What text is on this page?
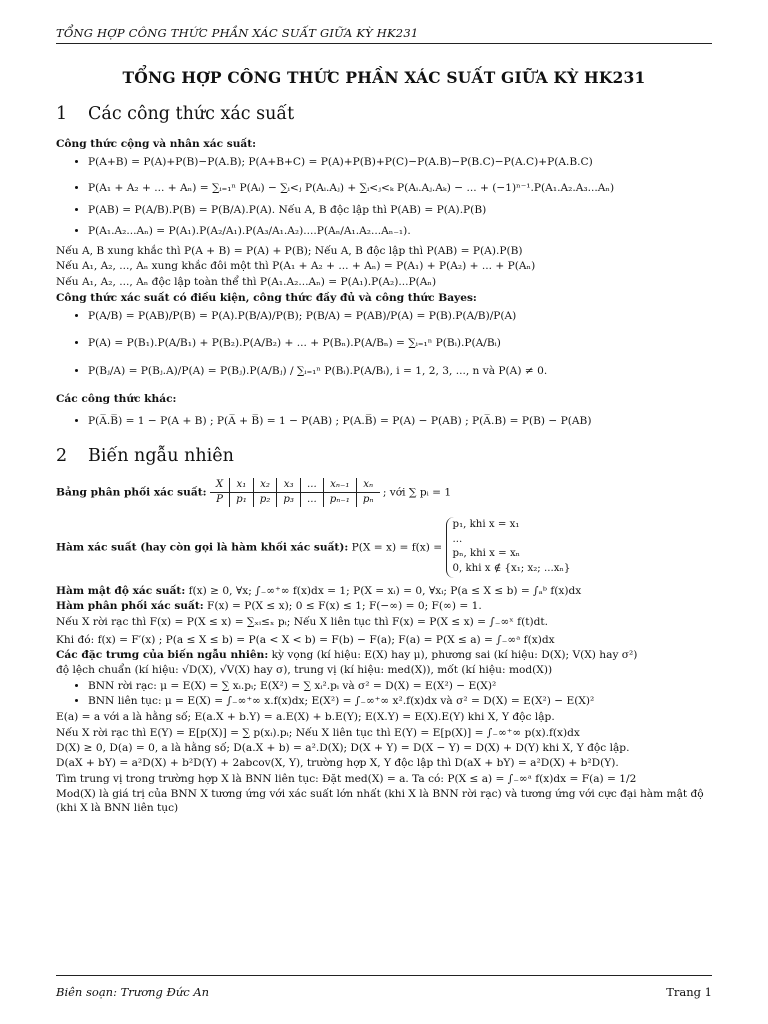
TỔNG HỢP CÔNG THỨC PHẦN XÁC SUẤT GIỮA KỲ HK231
TỔNG HỢP CÔNG THỨC PHẦN XÁC SUẤT GIỮA KỲ HK231
1 Các công thức xác suất
Công thức cộng và nhân xác suất:
• P(A+B) = P(A)+P(B)−P(A.B); P(A+B+C) = P(A)+P(B)+P(C)−P(A.B)−P(B.C)−P(A.C)+P(A.B.C)
• P(A₁ + A₂ + ... + Aₙ) = ∑ᵢ₌₁ⁿ P(Aᵢ) − ∑ᵢ<ⱼ P(Aᵢ.Aⱼ) + ∑ᵢ<ⱼ<ₖ P(Aᵢ.Aⱼ.Aₖ) − ... + (−1)ⁿ⁻¹.P(A₁.A₂.A₃...Aₙ)
• P(AB) = P(A/B).P(B) = P(B/A).P(A). Nếu A, B độc lập thì P(AB) = P(A).P(B)
• P(A₁.A₂...Aₙ) = P(A₁).P(A₂/A₁).P(A₃/A₁.A₂)....P(Aₙ/A₁.A₂...Aₙ₋₁).
Nếu A, B xung khắc thì P(A + B) = P(A) + P(B); Nếu A, B độc lập thì P(AB) = P(A).P(B)
Nếu A₁, A₂, ..., Aₙ xung khắc đôi một thì P(A₁ + A₂ + ... + Aₙ) = P(A₁) + P(A₂) + ... + P(Aₙ)
Nếu A₁, A₂, ..., Aₙ độc lập toàn thể thì P(A₁.A₂...Aₙ) = P(A₁).P(A₂)...P(Aₙ)
Công thức xác suất có điều kiện, công thức đầy đủ và công thức Bayes:
• P(A/B) = P(AB)/P(B) = P(A).P(B/A)/P(B); P(B/A) = P(AB)/P(A) = P(B).P(A/B)/P(A)
• P(A) = P(B₁).P(A/B₁) + P(B₂).P(A/B₂) + ... + P(Bₙ).P(A/Bₙ) = ∑ᵢ₌₁ⁿ P(Bᵢ).P(A/Bᵢ)
• P(Bⱼ/A) = P(Bⱼ.A)/P(A) = P(Bⱼ).P(A/Bⱼ) / ∑ᵢ₌₁ⁿ P(Bᵢ).P(A/Bᵢ), i = 1, 2, 3, ..., n và P(A) ≠ 0.
Các công thức khác:
• P(A̅.B̅) = 1 − P(A + B) ; P(A̅ + B̅) = 1 − P(AB) ; P(A.B̅) = P(A) − P(AB) ; P(A̅.B) = P(B) − P(AB)
2 Biến ngẫu nhiên
Bảng phân phối xác suất: X	x₁	x₂	x₃	...	xₙ₋₁	xₙ
P	p₁	p₂	p₃	...	pₙ₋₁	pₙ ; với ∑ pᵢ = 1
Hàm xác suất (hay còn gọi là hàm khối xác suất): P(X = x) = f(x) =
p₁, khi x = x₁
...
pₙ, khi x = xₙ
0, khi x ∉ {x₁; x₂; ...xₙ}
Hàm mật độ xác suất: f(x) ≥ 0, ∀x; ∫₋∞⁺∞ f(x)dx = 1; P(X = xᵢ) = 0, ∀xᵢ; P(a ≤ X ≤ b) = ∫ₐᵇ f(x)dx
Hàm phân phối xác suất: F(x) = P(X ≤ x); 0 ≤ F(x) ≤ 1; F(−∞) = 0; F(∞) = 1.
Nếu X rời rạc thì F(x) = P(X ≤ x) = ∑ₓᵢ≤ₓ pᵢ; Nếu X liên tục thì F(x) = P(X ≤ x) = ∫₋∞ˣ f(t)dt.
Khi đó: f(x) = F′(x) ; P(a ≤ X ≤ b) = P(a < X < b) = F(b) − F(a); F(a) = P(X ≤ a) = ∫₋∞ᵃ f(x)dx
Các đặc trưng của biến ngẫu nhiên: kỳ vọng (kí hiệu: E(X) hay μ), phương sai (kí hiệu: D(X); V(X) hay σ²)
độ lệch chuẩn (kí hiệu: √D(X), √V(X) hay σ), trung vị (kí hiệu: med(X)), mốt (kí hiệu: mod(X))
• BNN rời rạc: μ = E(X) = ∑ xᵢ.pᵢ; E(X²) = ∑ xᵢ².pᵢ và σ² = D(X) = E(X²) − E(X)²
• BNN liên tục: μ = E(X) = ∫₋∞⁺∞ x.f(x)dx; E(X²) = ∫₋∞⁺∞ x².f(x)dx và σ² = D(X) = E(X²) − E(X)²
E(a) = a với a là hằng số; E(a.X + b.Y) = a.E(X) + b.E(Y); E(X.Y) = E(X).E(Y) khi X, Y độc lập.
Nếu X rời rạc thì E(Y) = E[p(X)] = ∑ p(xᵢ).pᵢ; Nếu X liên tục thì E(Y) = E[p(X)] = ∫₋∞⁺∞ p(x).f(x)dx
D(X) ≥ 0, D(a) = 0, a là hằng số; D(a.X + b) = a².D(X); D(X + Y) = D(X − Y) = D(X) + D(Y) khi X, Y độc lập.
D(aX + bY) = a²D(X) + b²D(Y) + 2abcov(X, Y), trường hợp X, Y độc lập thì D(aX + bY) = a²D(X) + b²D(Y).
Tìm trung vị trong trường hợp X là BNN liên tục: Đặt med(X) = a. Ta có: P(X ≤ a) = ∫₋∞ᵃ f(x)dx = F(a) = 1/2
Mod(X) là giá trị của BNN X tương ứng với xác suất lớn nhất (khi X là BNN rời rạc) và tương ứng với cực đại hàm mật độ (khi X là BNN liên tục)
Biên soạn: Trương Đức An	Trang 1
